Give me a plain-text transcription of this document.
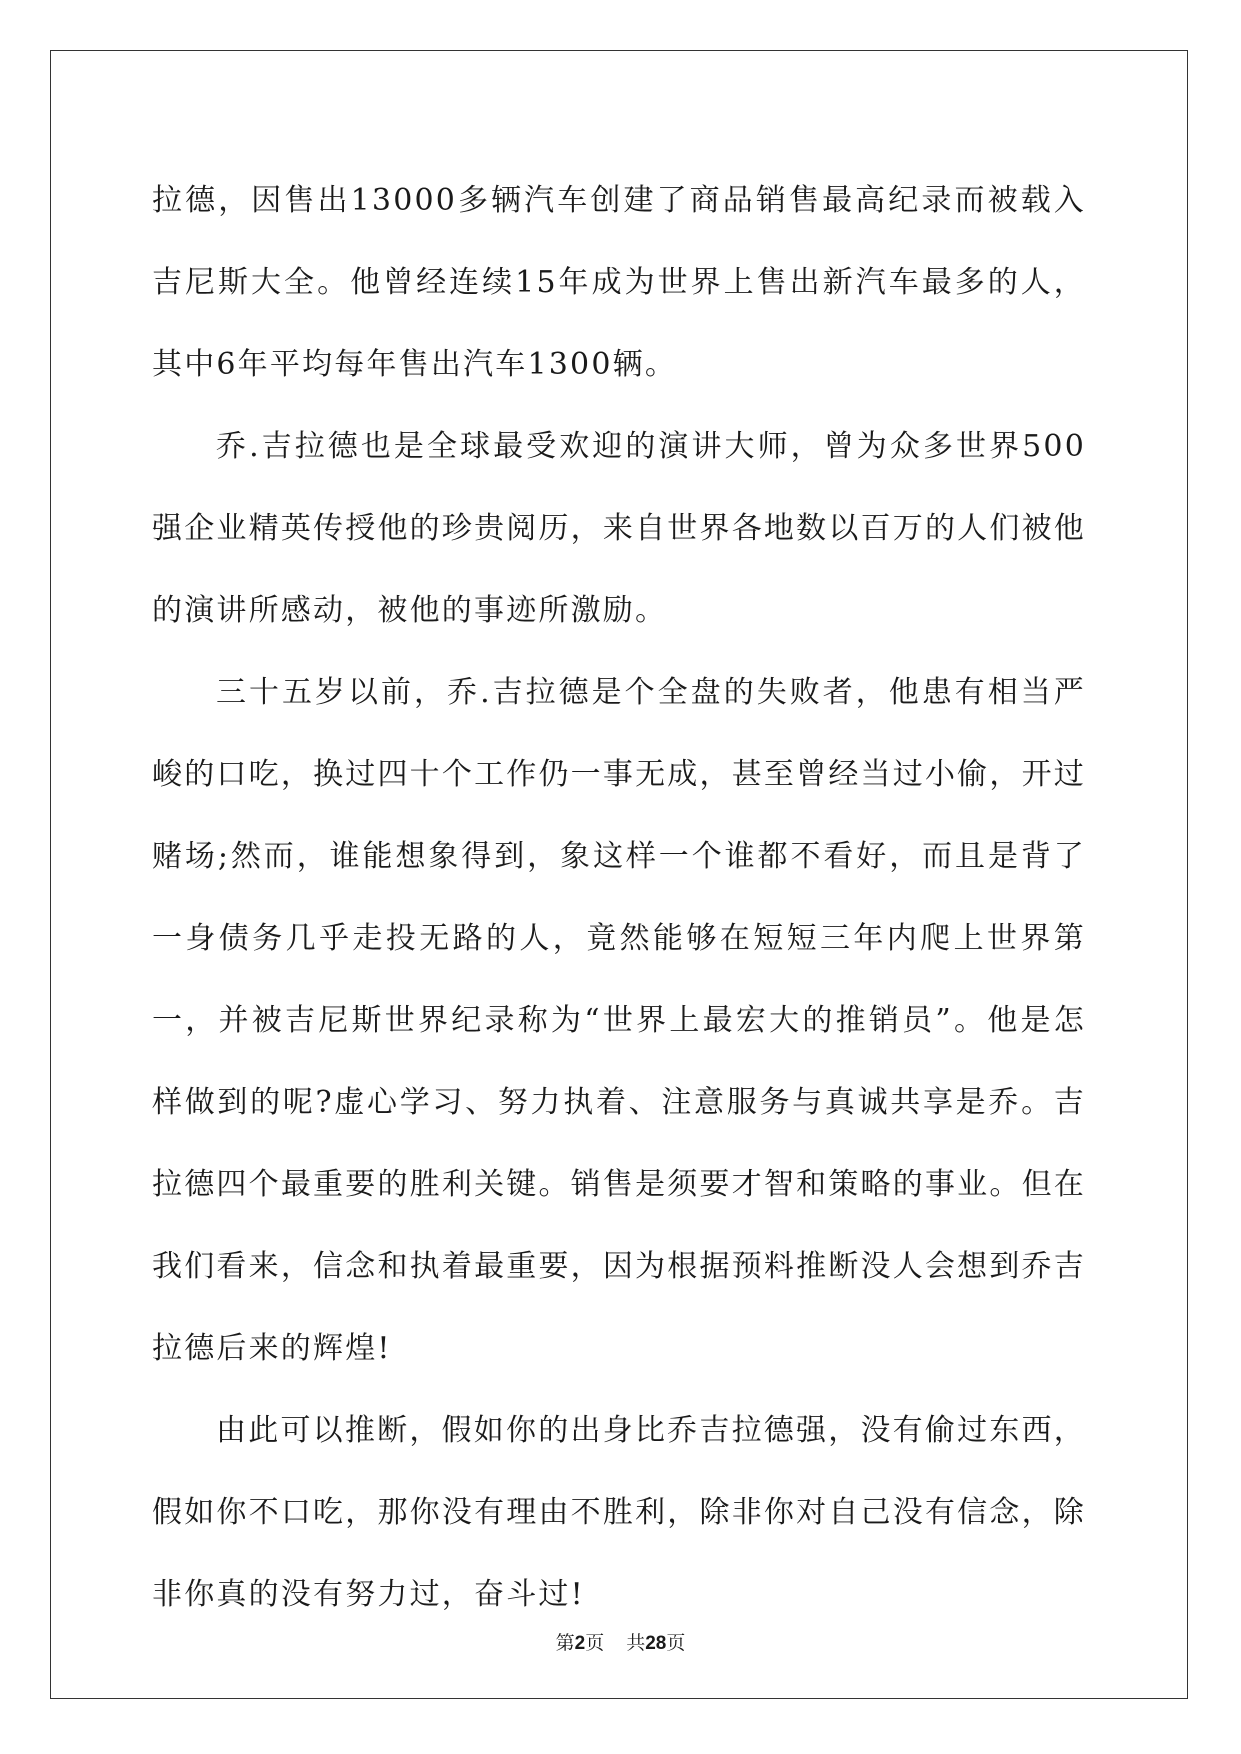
拉德，因售出13000多辆汽车创建了商品销售最高纪录而被载入吉尼斯大全。他曾经连续15年成为世界上售出新汽车最多的人，其中6年平均每年售出汽车1300辆。

乔.吉拉德也是全球最受欢迎的演讲大师，曾为众多世界500强企业精英传授他的珍贵阅历，来自世界各地数以百万的人们被他的演讲所感动，被他的事迹所激励。

三十五岁以前，乔.吉拉德是个全盘的失败者，他患有相当严峻的口吃，换过四十个工作仍一事无成，甚至曾经当过小偷，开过赌场;然而，谁能想象得到，象这样一个谁都不看好，而且是背了一身债务几乎走投无路的人，竟然能够在短短三年内爬上世界第一，并被吉尼斯世界纪录称为“世界上最宏大的推销员”。他是怎样做到的呢?虚心学习、努力执着、注意服务与真诚共享是乔。吉拉德四个最重要的胜利关键。销售是须要才智和策略的事业。但在我们看来，信念和执着最重要，因为根据预料推断没人会想到乔吉拉德后来的辉煌!

由此可以推断，假如你的出身比乔吉拉德强，没有偷过东西，假如你不口吃，那你没有理由不胜利，除非你对自己没有信念，除非你真的没有努力过，奋斗过!

第2页 共28页
